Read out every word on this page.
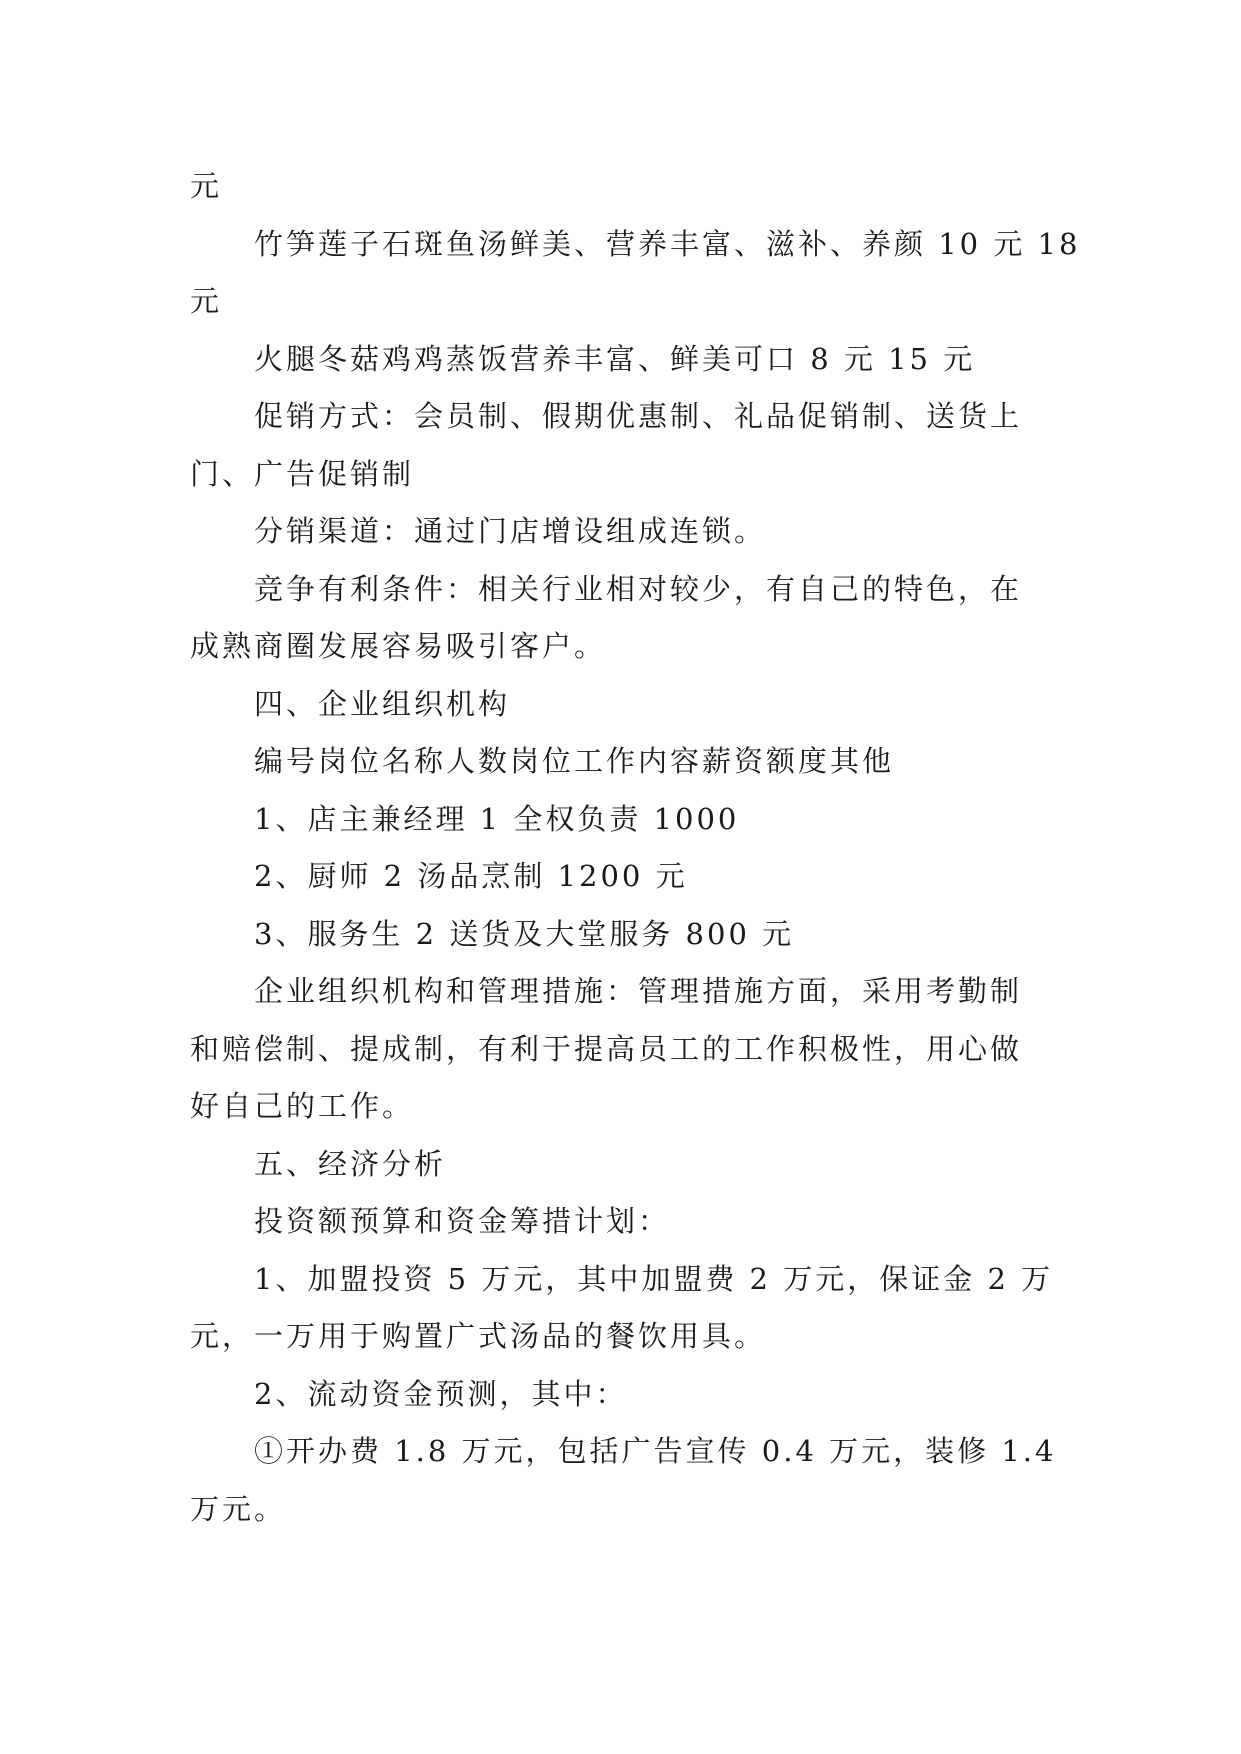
元
竹笋莲子石斑鱼汤鲜美、营养丰富、滋补、养颜 10 元 18
元
火腿冬菇鸡鸡蒸饭营养丰富、鲜美可口 8 元 15 元
促销方式：会员制、假期优惠制、礼品促销制、送货上
门、广告促销制
分销渠道：通过门店增设组成连锁。
竞争有利条件：相关行业相对较少，有自己的特色，在
成熟商圈发展容易吸引客户。
四、企业组织机构
编号岗位名称人数岗位工作内容薪资额度其他
1、店主兼经理 1 全权负责 1000
2、厨师 2 汤品烹制 1200 元
3、服务生 2 送货及大堂服务 800 元
企业组织机构和管理措施：管理措施方面，采用考勤制
和赔偿制、提成制，有利于提高员工的工作积极性，用心做
好自己的工作。
五、经济分析
投资额预算和资金筹措计划：
1、加盟投资 5 万元，其中加盟费 2 万元，保证金 2 万
元，一万用于购置广式汤品的餐饮用具。
2、流动资金预测，其中：
①开办费 1.8 万元，包括广告宣传 0.4 万元，装修 1.4
万元。
